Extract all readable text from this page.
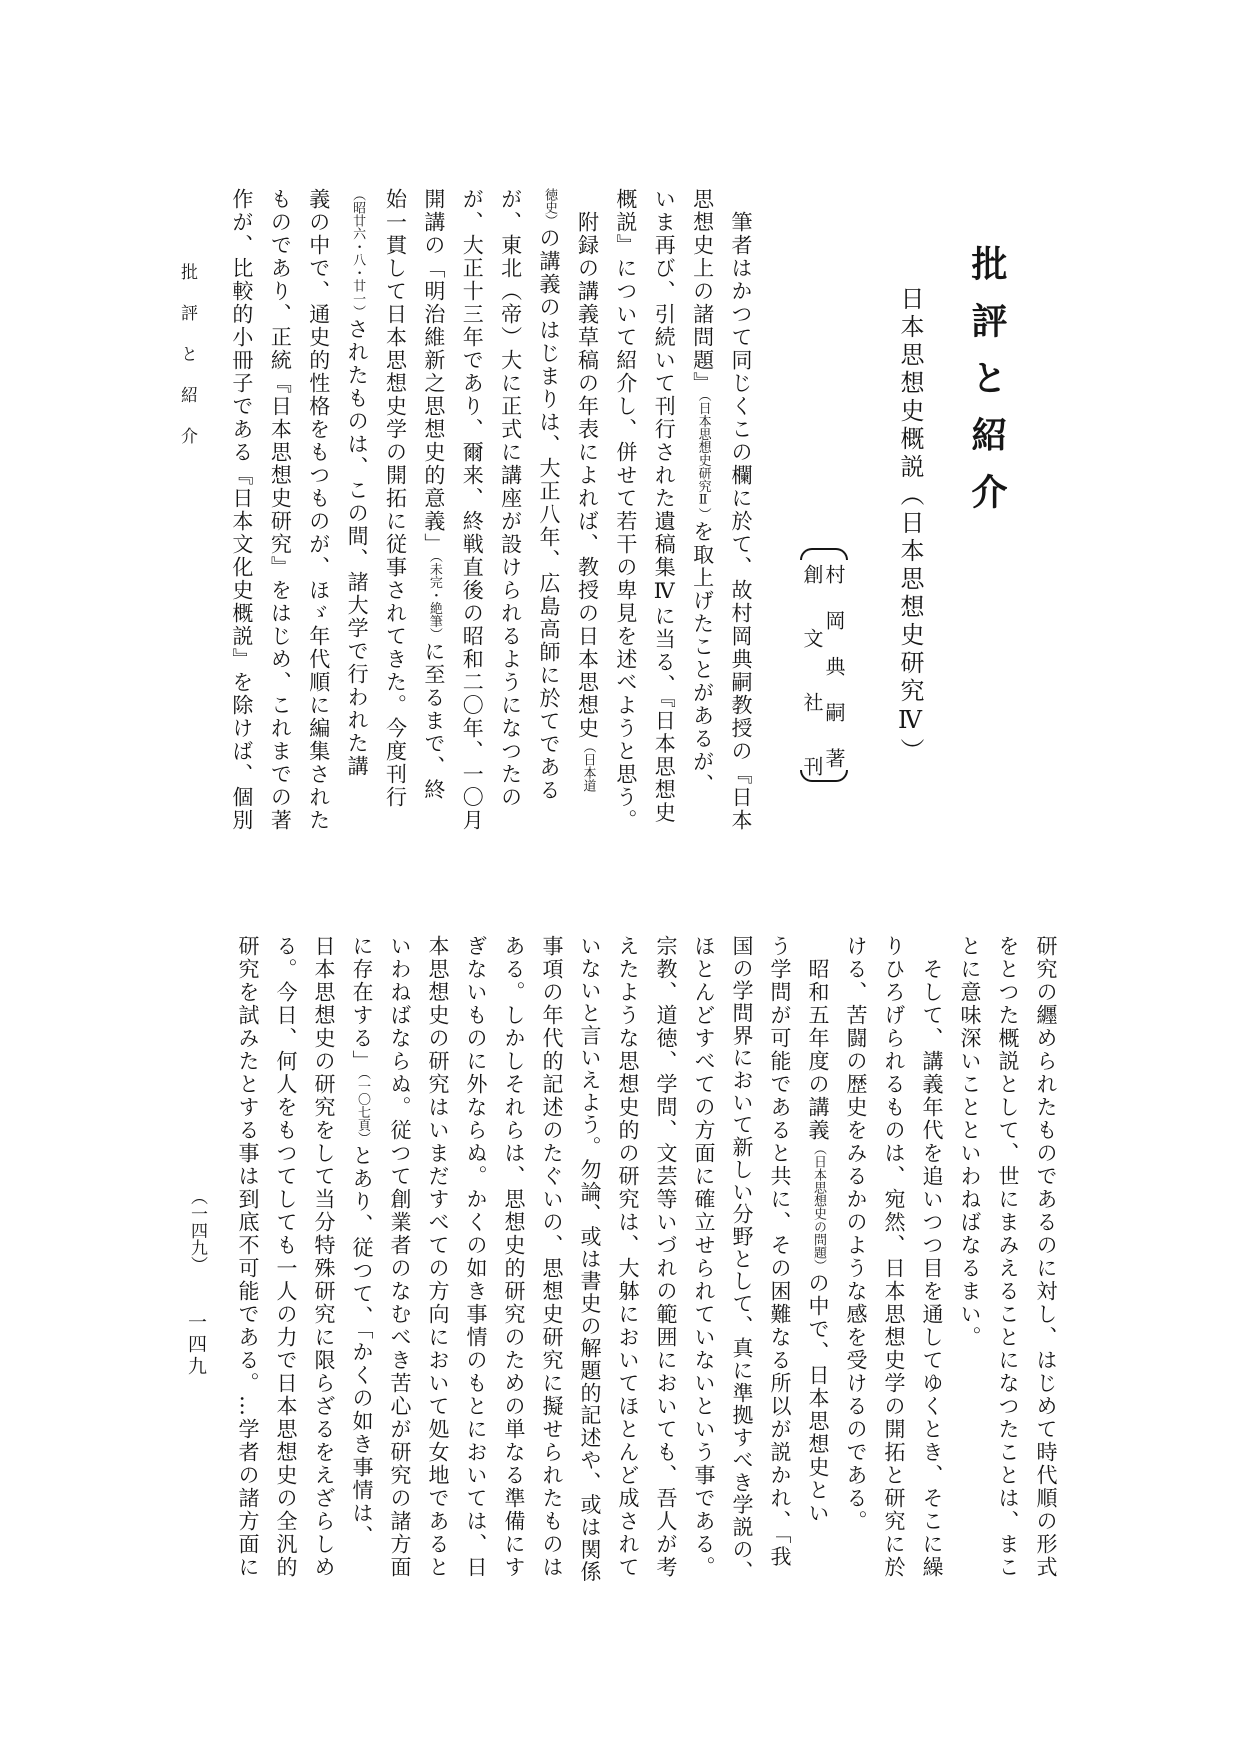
批評と紹介
日本思想史概説（日本思想史研究Ⅳ）
村岡典嗣著
創文社刊
　筆者はかつて同じくこの欄に於て、故村岡典嗣教授の『日本
思想史上の諸問題』（日本思想史研究Ⅱ）を取上げたことがあるが、
いま再び、引続いて刊行された遺稿集Ⅳに当る、『日本思想史
概説』について紹介し、併せて若干の卑見を述べようと思う。
　附録の講義草稿の年表によれば、教授の日本思想史（日本道
徳史）の講義のはじまりは、大正八年、広島高師に於てである
が、東北（帝）大に正式に講座が設けられるようになつたの
が、大正十三年であり、爾来、終戦直後の昭和二〇年、一〇月
開講の「明治維新之思想史的意義」（未完・絶筆）に至るまで、終
始一貫して日本思想史学の開拓に従事されてきた。今度刊行
（昭廿六・八・廿一）されたものは、この間、諸大学で行われた講
義の中で、通史的性格をもつものが、ほゞ年代順に編集された
ものであり、正統『日本思想史研究』をはじめ、これまでの著
作が、比較的小冊子である『日本文化史概説』を除けば、個別
研究の纒められたものであるのに対し、はじめて時代順の形式
をとつた概説として、世にまみえることになつたことは、まこ
とに意味深いことといわねばなるまい。
　そして、講義年代を追いつつ目を通してゆくとき、そこに繰
りひろげられるものは、宛然、日本思想史学の開拓と研究に於
ける、苦闘の歴史をみるかのような感を受けるのである。
　昭和五年度の講義（日本思想史の問題）の中で、日本思想史とい
う学問が可能であると共に、その困難なる所以が説かれ、「我
国の学問界において新しい分野として、真に準拠すべき学説の、
ほとんどすべての方面に確立せられていないという事である。
宗教、道徳、学問、文芸等いづれの範囲においても、吾人が考
えたような思想史的の研究は、大躰においてほとんど成されて
いないと言いえよう。勿論、或は書史の解題的記述や、或は関係
事項の年代的記述のたぐいの、思想史研究に擬せられたものは
ある。しかしそれらは、思想史的研究のための単なる準備にす
ぎないものに外ならぬ。かくの如き事情のもとにおいては、日
本思想史の研究はいまだすべての方向において処女地であると
いわねばならぬ。従つて創業者のなむべき苦心が研究の諸方面
に存在する」（一〇七頁）とあり、従つて、「かくの如き事情は、
日本思想史の研究をして当分特殊研究に限らざるをえざらしめ
る。今日、何人をもつてしても一人の力で日本思想史の全汎的
研究を試みたとする事は到底不可能である。…学者の諸方面に
批評と紹介
（一四九）
一四九
